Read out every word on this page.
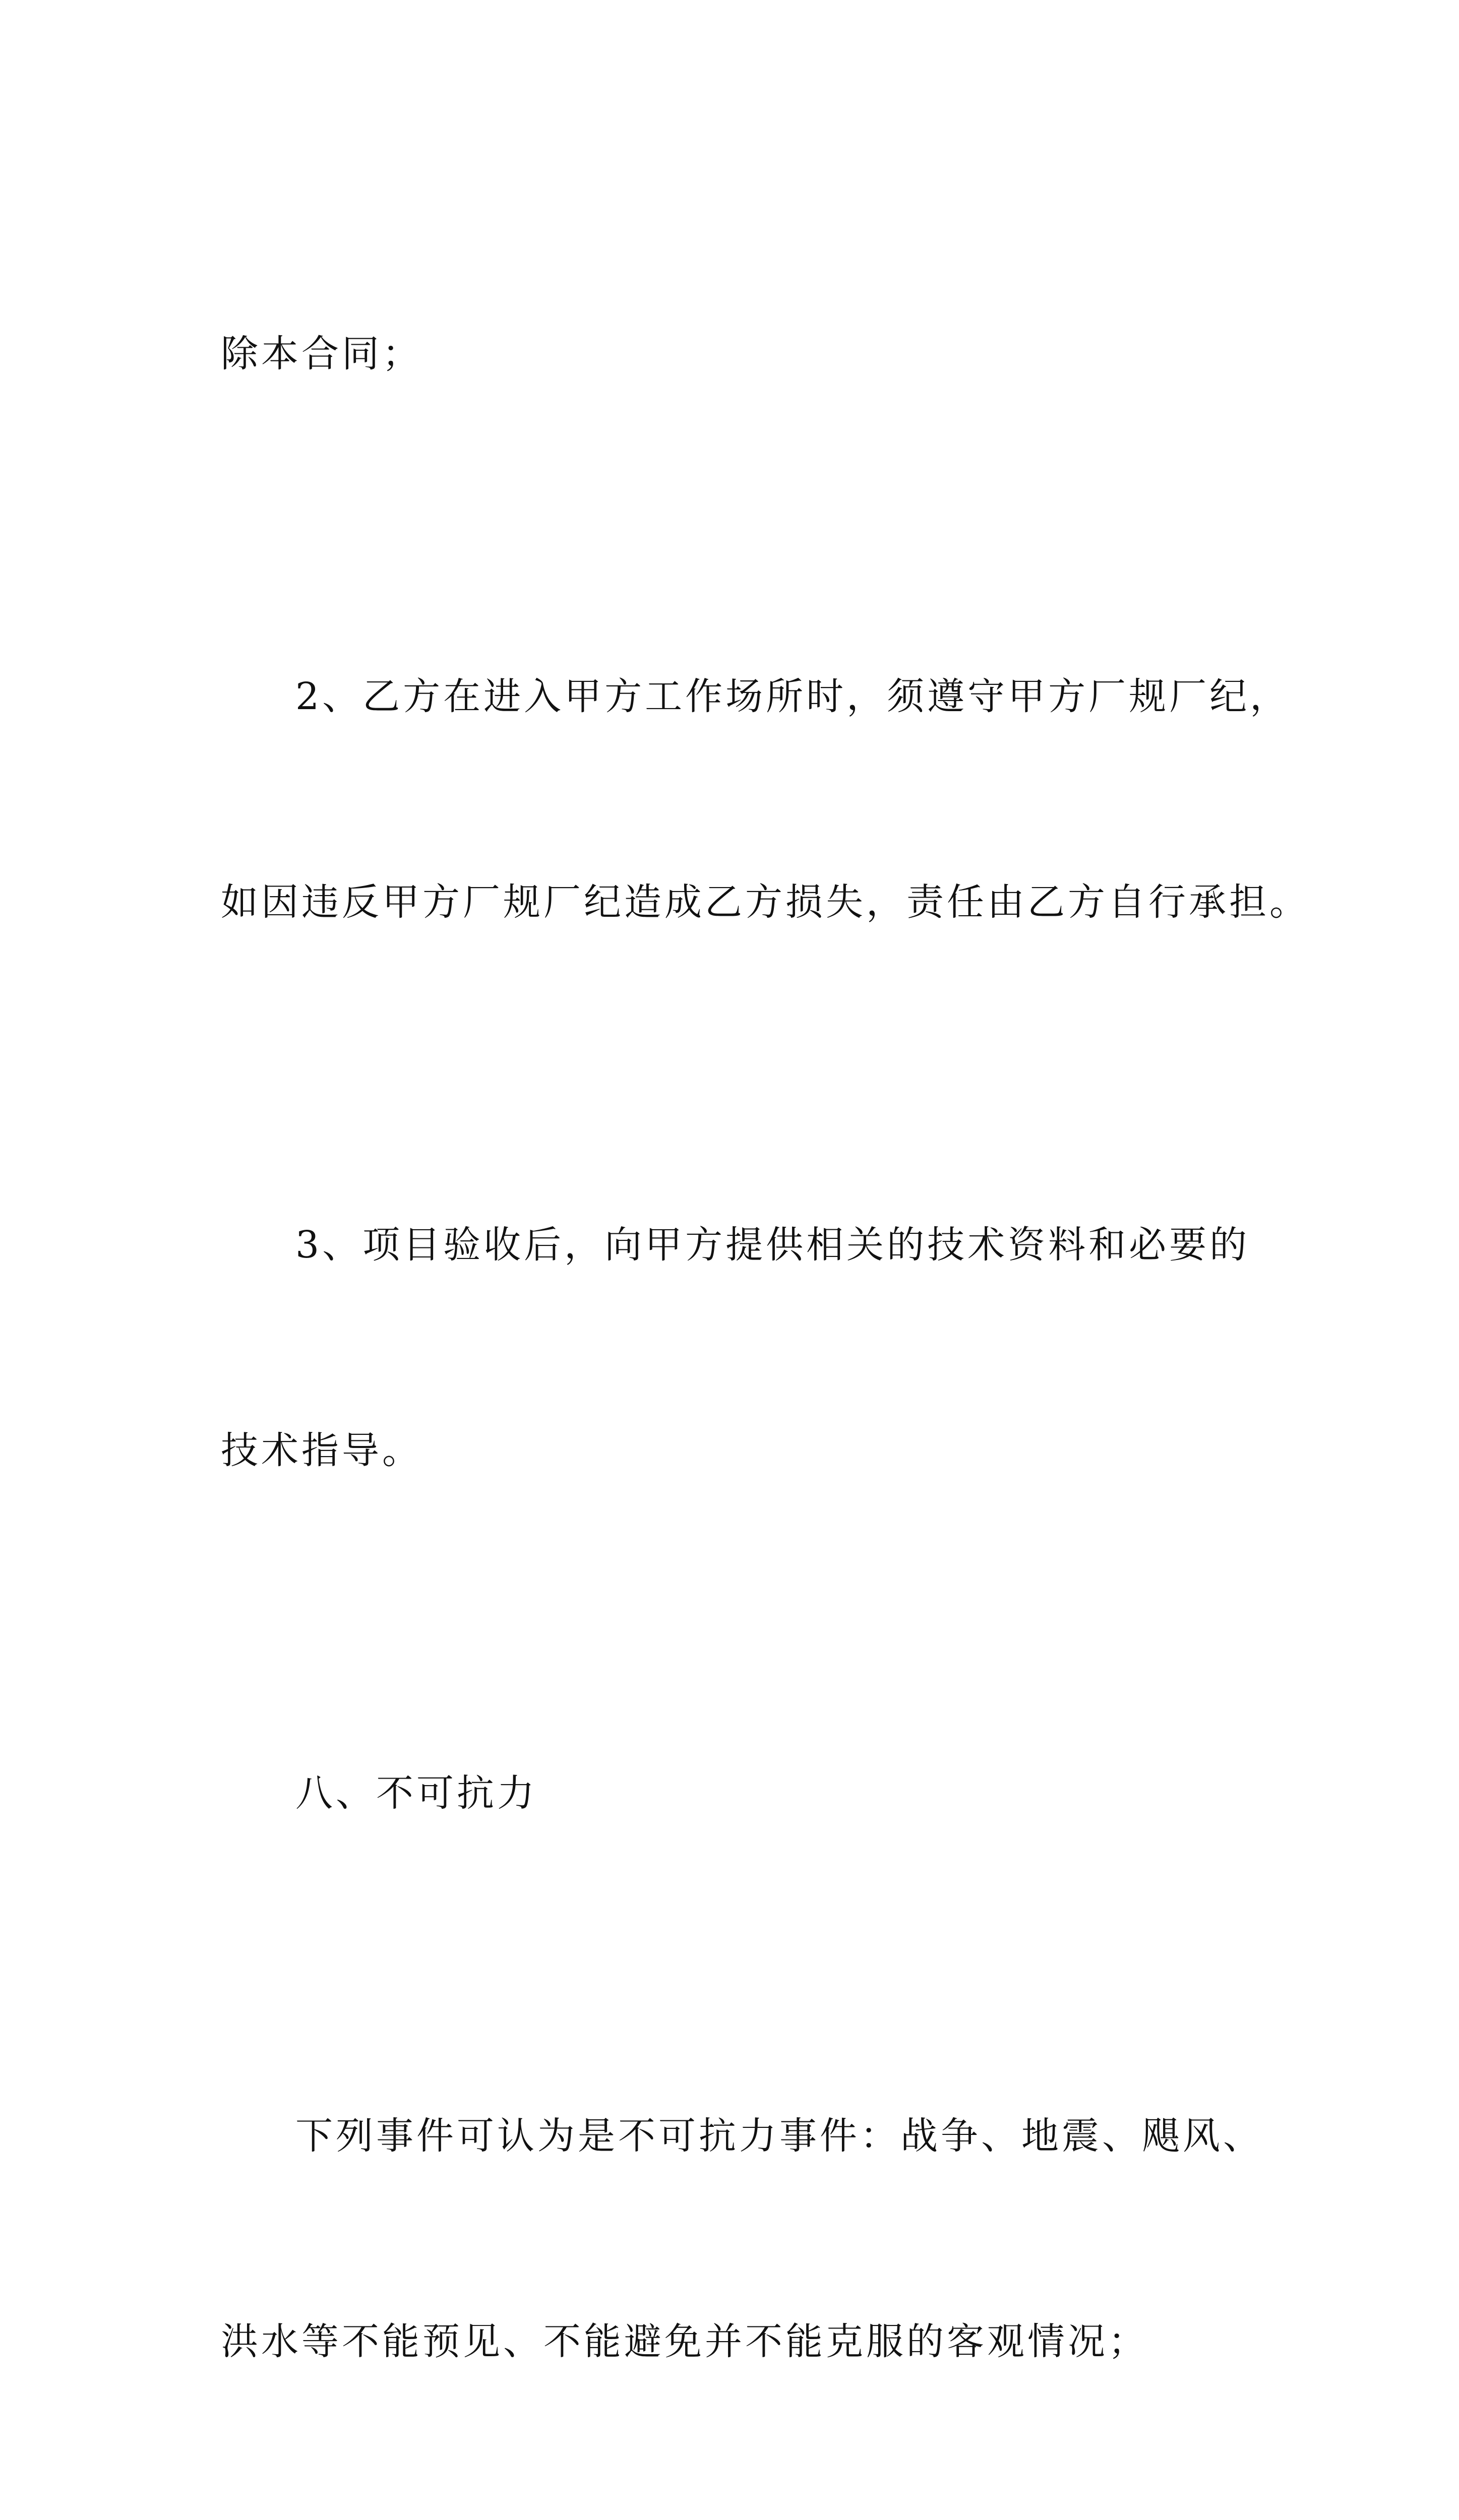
除本合同；

2、乙方在进入甲方工作场所时，须遵守甲方厂规厂纪，

如因违反甲方厂规厂纪造成乙方损失，责任由乙方自行承担。

3、项目验收后，向甲方提供相关的技术资料和必要的

技术指导。

八、不可抗力

下列事件可认为是不可抗力事件：战争、地震、飓风、

洪水等不能预见、不能避免并不能克服的客观情况；
